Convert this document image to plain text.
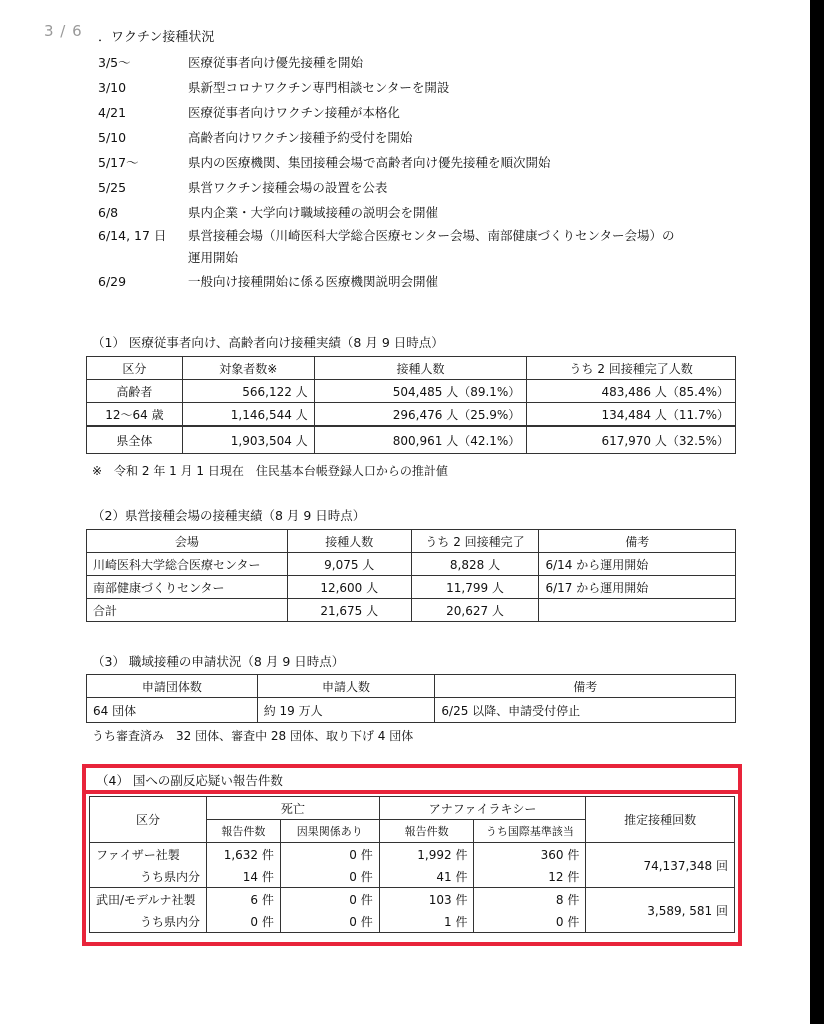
3 / 6 ．ワクチン接種状況
3/5～	医療従事者向け優先接種を開始
3/10	県新型コロナワクチン専門相談センターを開設
4/21	医療従事者向けワクチン接種が本格化
5/10	高齢者向けワクチン接種予約受付を開始
5/17～	県内の医療機関、集団接種会場で高齢者向け優先接種を順次開始
5/25	県営ワクチン接種会場の設置を公表
6/8	県内企業・大学向け職域接種の説明会を開催
6/14, 17 日	県営接種会場（川崎医科大学総合医療センター会場、南部健康づくりセンター会場）の
運用開始
6/29	一般向け接種開始に係る医療機関説明会開催
（1） 医療従事者向け、高齢者向け接種実績（8 月 9 日時点）
区分	対象者数※	接種人数	うち 2 回接種完了人数
高齢者	566,122 人	504,485 人（89.1%）	483,486 人（85.4%）
12～64 歳	1,146,544 人	296,476 人（25.9%）	134,484 人（11.7%）
県全体	1,903,504 人	800,961 人（42.1%）	617,970 人（32.5%）
※　令和 2 年 1 月 1 日現在　住民基本台帳登録人口からの推計値
（2）県営接種会場の接種実績（8 月 9 日時点）
会場	接種人数	うち 2 回接種完了	備考
川崎医科大学総合医療センター	9,075 人	8,828 人	6/14 から運用開始
南部健康づくりセンター	12,600 人	11,799 人	6/17 から運用開始
合計	21,675 人	20,627 人	
（3） 職域接種の申請状況（8 月 9 日時点）
申請団体数	申請人数	備考
64 団体	約 19 万人	6/25 以降、申請受付停止
うち審査済み　32 団体、審査中 28 団体、取り下げ 4 団体
（4） 国への副反応疑い報告件数
区分	死亡		アナファイラキシー		推定接種回数
	報告件数	因果関係あり	報告件数	うち国際基準該当	
ファイザー社製	1,632 件	0 件	1,992 件	360 件	74,137,348 回
うち県内分	14 件	0 件	41 件	12 件	
武田/モデルナ社製	6 件	0 件	103 件	8 件	3,589, 581 回
うち県内分	0 件	0 件	1 件	0 件	
